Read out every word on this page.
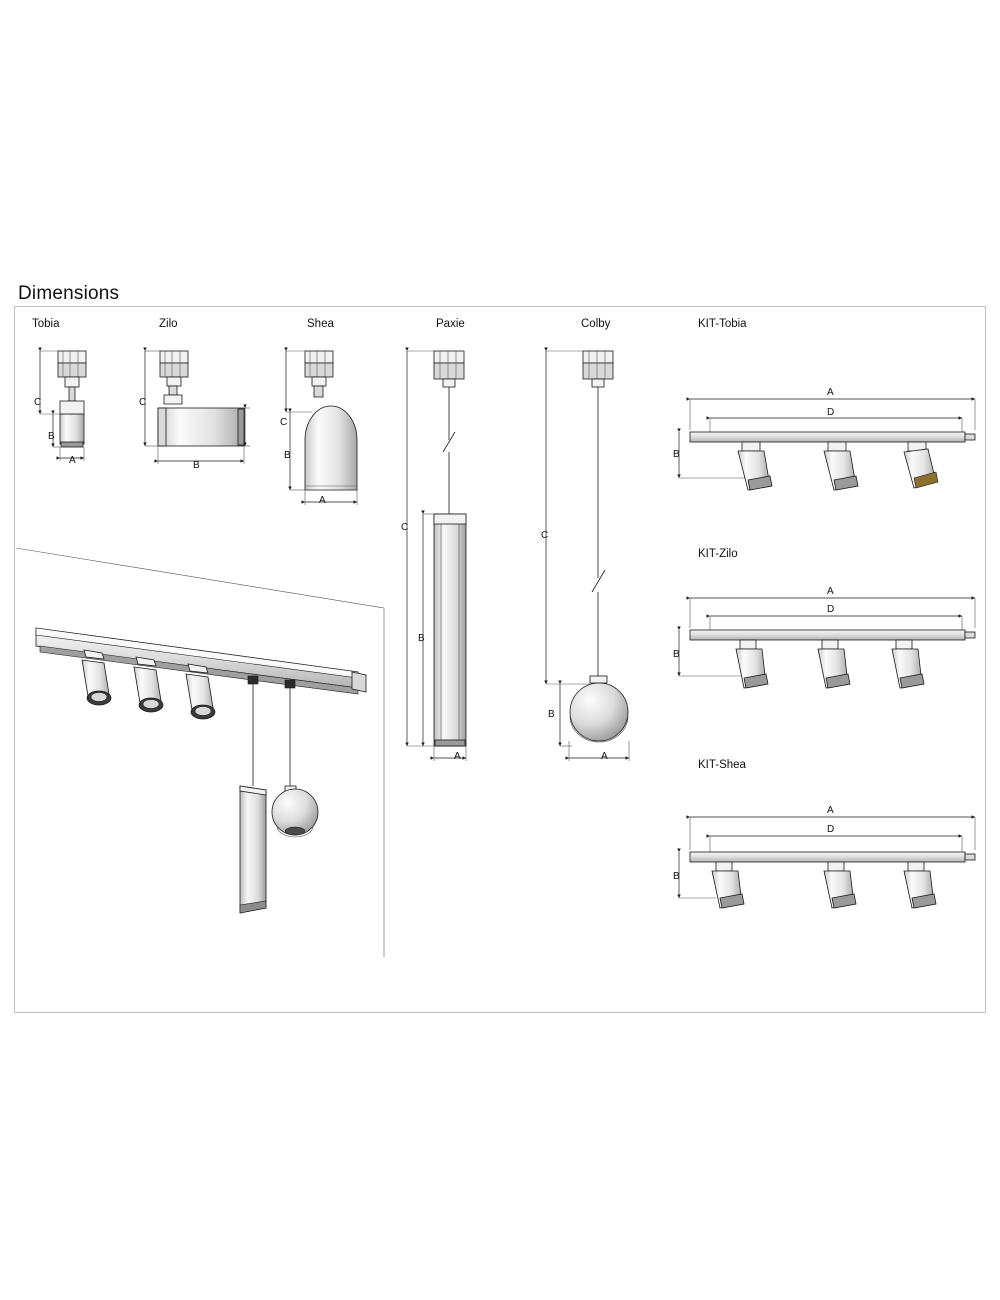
Dimensions
Tobia	Zilo	Shea	Paxie	Colby	KIT-Tobia
KIT-Zilo
KIT-Shea
C
B
A
C
B
C
B
A
C
B
A
C
B
A
A
D
B
A
D
B
A
D
B
